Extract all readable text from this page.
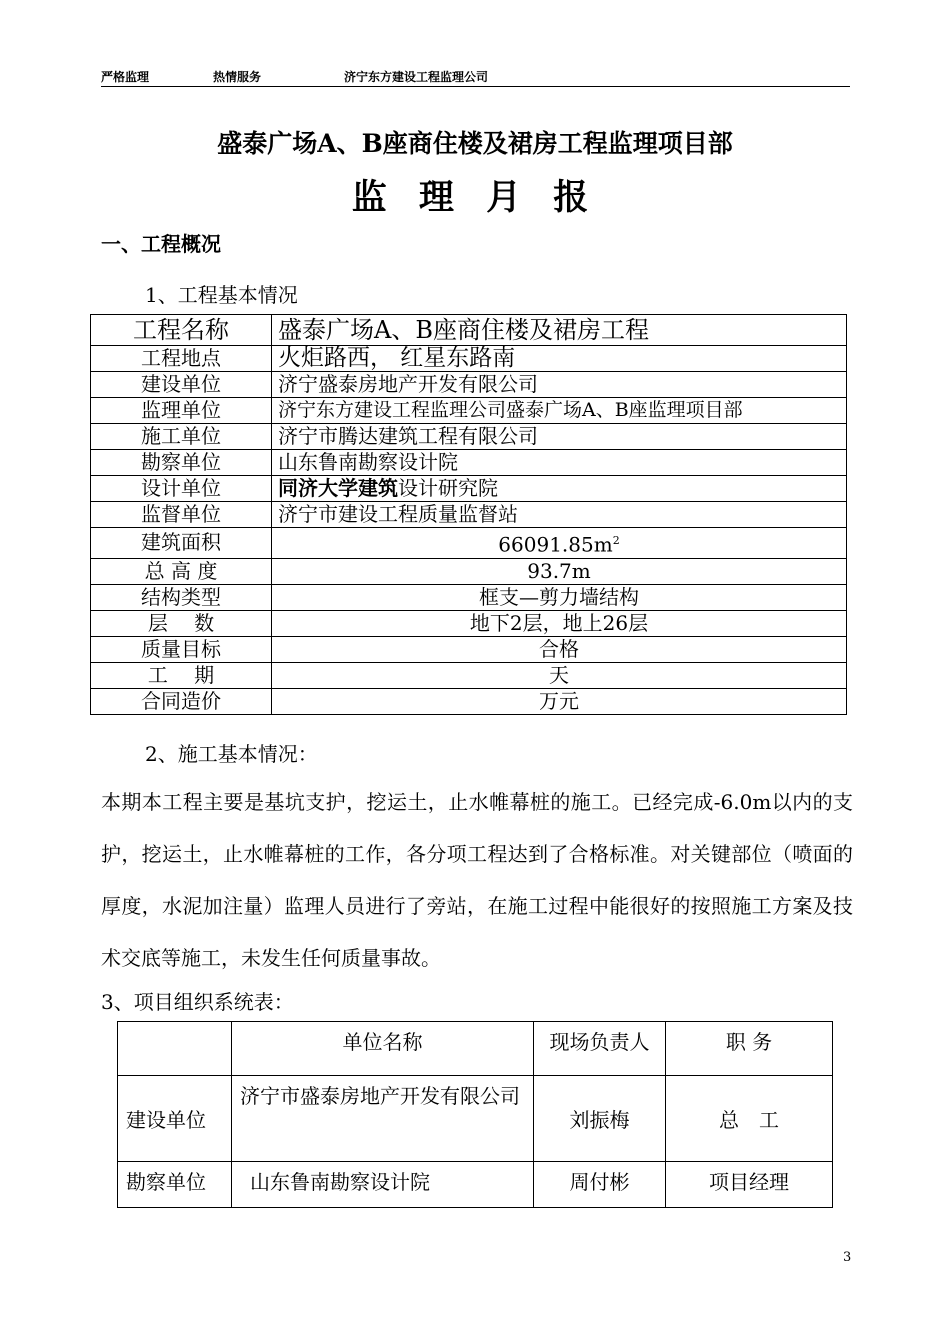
严格监理	热情服务	济宁东方建设工程监理公司
盛泰广场A、B座商住楼及裙房工程监理项目部
监 理 月 报
一、工程概况
1、工程基本情况
工程名称	盛泰广场A、B座商住楼及裙房工程
工程地点	火炬路西， 红星东路南
建设单位	济宁盛泰房地产开发有限公司
监理单位	济宁东方建设工程监理公司盛泰广场A、B座监理项目部
施工单位	济宁市腾达建筑工程有限公司
勘察单位	山东鲁南勘察设计院
设计单位	同济大学建筑设计研究院
监督单位	济宁市建设工程质量监督站
建筑面积	$66091.85m^2$
总 高 度	93.7m
结构类型	框支—剪力墙结构
层　 数	地下2层，地上26层
质量目标	合格
工　 期	天
合同造价	万元
2、施工基本情况：
本期本工程主要是基坑支护，挖运土，止水帷幕桩的施工。已经完成-6.0m以内的支护，挖运土，止水帷幕桩的工作，各分项工程达到了合格标准。对关键部位（喷面的厚度，水泥加注量）监理人员进行了旁站，在施工过程中能很好的按照施工方案及技术交底等施工，未发生任何质量事故。
3、项目组织系统表：
	单位名称	现场负责人	职 务
建设单位	济宁市盛泰房地产开发有限公司	刘振梅	总　工
勘察单位	山东鲁南勘察设计院	周付彬	项目经理
3
